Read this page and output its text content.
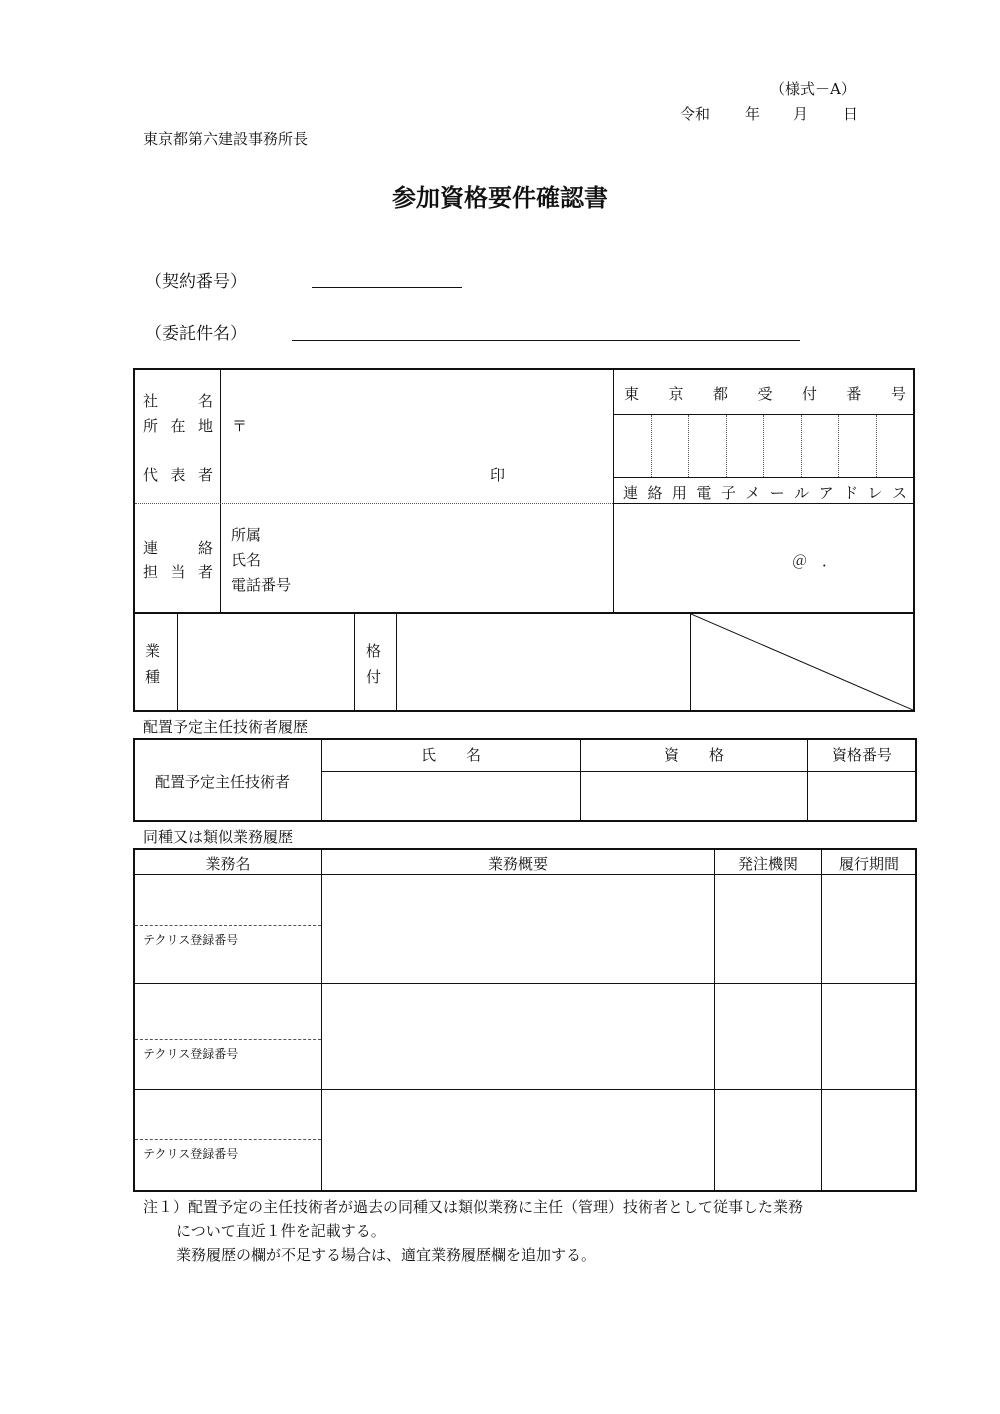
（様式－A）
令和 年 月 日
東京都第六建設事務所長
参加資格要件確認書
（契約番号）
（委託件名）
社	名
所 在 地 〒
代 表 者	印
東 京 都 受 付 番 号
連 絡 用 電 子 メ ー ル ア ド レ ス
＠　．
連	絡
担 当 者
所属
氏名
電話番号
業
種
格
付
配置予定主任技術者履歴
配置予定主任技術者
氏　　名	資　　格	資格番号
同種又は類似業務履歴
業務名	業務概要	発注機関	履行期間
テクリス登録番号
テクリス登録番号
テクリス登録番号
注１）配置予定の主任技術者が過去の同種又は類似業務に主任（管理）技術者として従事した業務
について直近１件を記載する。
業務履歴の欄が不足する場合は、適宜業務履歴欄を追加する。
